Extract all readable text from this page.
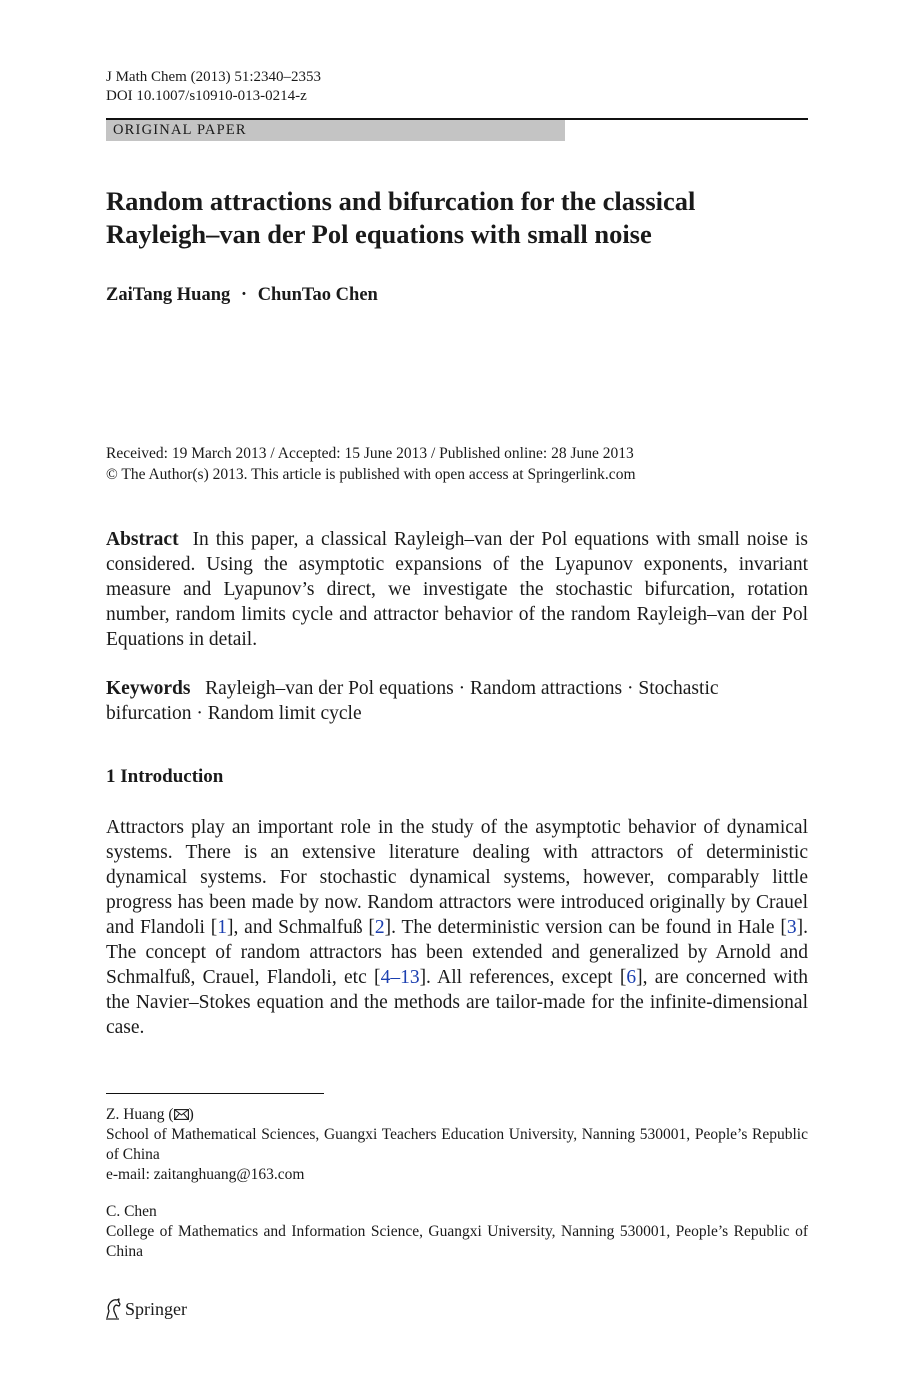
J Math Chem (2013) 51:2340–2353
DOI 10.1007/s10910-013-0214-z
ORIGINAL PAPER
Random attractions and bifurcation for the classical
Rayleigh–van der Pol equations with small noise
ZaiTang Huang · ChunTao Chen
Received: 19 March 2013 / Accepted: 15 June 2013 / Published online: 28 June 2013
© The Author(s) 2013. This article is published with open access at Springerlink.com
Abstract In this paper, a classical Rayleigh–van der Pol equations with small noise is considered. Using the asymptotic expansions of the Lyapunov exponents, invariant measure and Lyapunov’s direct, we investigate the stochastic bifurcation, rotation number, random limits cycle and attractor behavior of the random Rayleigh–van der Pol Equations in detail.
Keywords Rayleigh–van der Pol equations · Random attractions · Stochastic bifurcation · Random limit cycle
1 Introduction
Attractors play an important role in the study of the asymptotic behavior of dynamical systems. There is an extensive literature dealing with attractors of deterministic dynamical systems. For stochastic dynamical systems, however, comparably little progress has been made by now. Random attractors were introduced originally by Crauel and Flandoli [1], and Schmalfuß [2]. The deterministic version can be found in Hale [3]. The concept of random attractors has been extended and generalized by Arnold and Schmalfuß, Crauel, Flandoli, etc [4–13]. All references, except [6], are concerned with the Navier–Stokes equation and the methods are tailor-made for the infinite-dimensional case.
Z. Huang ( )
School of Mathematical Sciences, Guangxi Teachers Education University, Nanning 530001, People’s Republic of China
e-mail: zaitanghuang@163.com
C. Chen
College of Mathematics and Information Science, Guangxi University, Nanning 530001, People’s Republic of China
Springer
